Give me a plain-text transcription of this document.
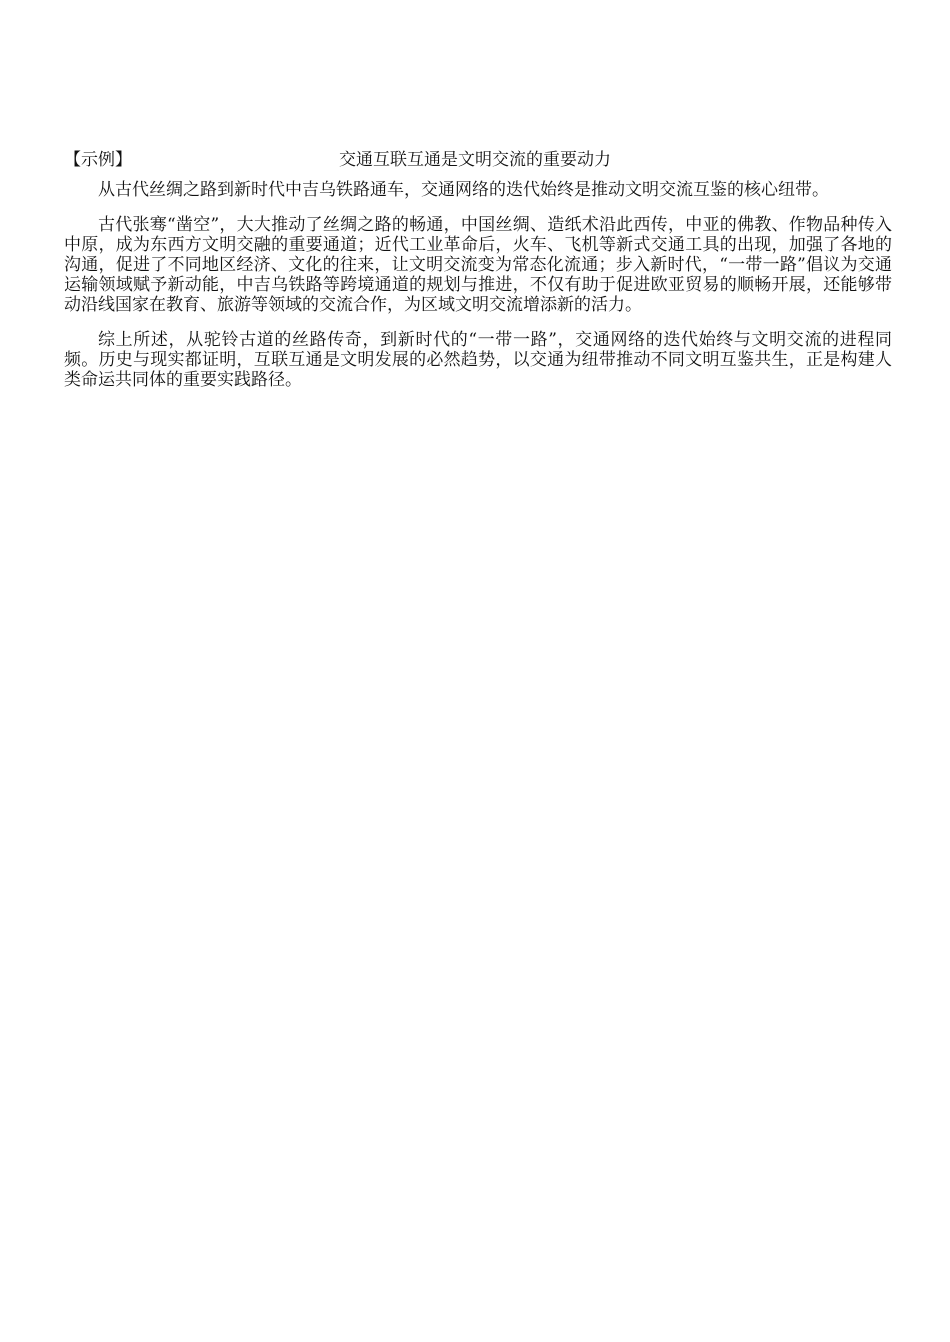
【示例】	交通互联互通是文明交流的重要动力

从古代丝绸之路到新时代中吉乌铁路通车，交通网络的迭代始终是推动文明交流互鉴的核心纽带。

古代张骞“凿空”，大大推动了丝绸之路的畅通，中国丝绸、造纸术沿此西传，中亚的佛教、作物品种传入中原，成为东西方文明交融的重要通道；近代工业革命后，火车、飞机等新式交通工具的出现，加强了各地的沟通，促进了不同地区经济、文化的往来，让文明交流变为常态化流通；步入新时代，“一带一路”倡议为交通运输领域赋予新动能，中吉乌铁路等跨境通道的规划与推进，不仅有助于促进欧亚贸易的顺畅开展，还能够带动沿线国家在教育、旅游等领域的交流合作，为区域文明交流增添新的活力。

综上所述，从驼铃古道的丝路传奇，到新时代的“一带一路”，交通网络的迭代始终与文明交流的进程同频。历史与现实都证明，互联互通是文明发展的必然趋势，以交通为纽带推动不同文明互鉴共生，正是构建人类命运共同体的重要实践路径。
